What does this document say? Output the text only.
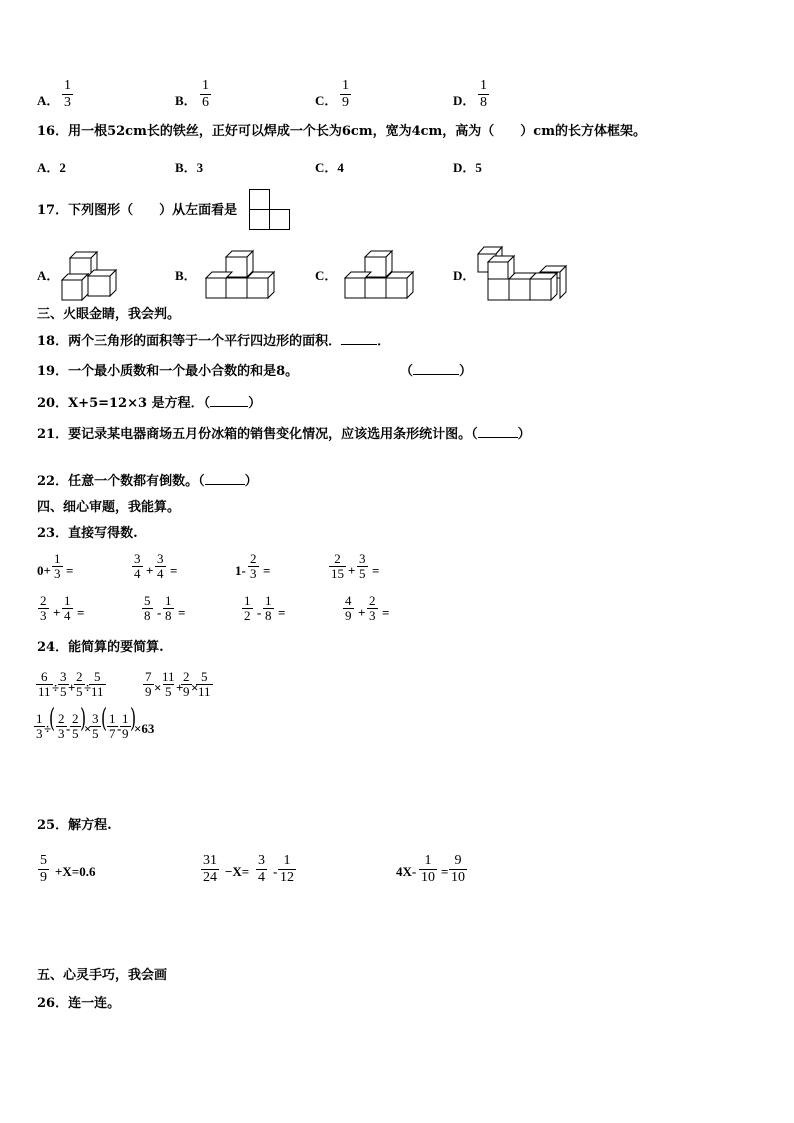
A． $\frac{1}{3}$	B． $\frac{1}{6}$	C． $\frac{1}{9}$	D． $\frac{1}{8}$
16．用一根52cm长的铁丝，正好可以焊成一个长为6cm，宽为4cm，高为（　　）cm的长方体框架。
A．2	B．3	C．4	D．5
17．下列图形（　　）从左面看是
A．	B．	C．	D．
三、火眼金睛，我会判。
18．两个三角形的面积等于一个平行四边形的面积．	．
19．一个最小质数和一个最小合数的和是8。	（	）
20．X+5=12×3 是方程．（	）
21．要记录某电器商场五月份冰箱的销售变化情况，应该选用条形统计图。（	）
22．任意一个数都有倒数。（	）
四、细心审题，我能算。
23．直接写得数.
$0+ \frac{1}{3}$ =	$\frac{3}{4} + \frac{3}{4}$ =	$1- \frac{2}{3}$ =	$\frac{2}{15} + \frac{3}{5}$ =
$\frac{2}{3} + \frac{1}{4}$ =	$\frac{5}{8} - \frac{1}{8}$ =	$\frac{1}{2} - \frac{1}{8}$ =	$\frac{4}{9} + \frac{2}{3}$ =
24．能简算的要简算.
$\frac{6}{11}$ ÷
$\frac{3}{5}$ +
$\frac{2}{5}$ ÷
$\frac{5}{11}$	$\frac{7}{9}$ ×
$\frac{11}{5}$ +
$\frac{2}{9}$ ×
$\frac{5}{11}$
$\frac{1}{3}$ ÷
( $\frac{2}{3} - \frac{2}{5}$ )
×
$\frac{3}{5}$ ( $\frac{1}{7}$ -
$\frac{1}{9}$ )
×63
25．解方程.
$\frac{5}{9} +X=0.6$	$\frac{31}{24} -X= \frac{3}{4} - \frac{1}{12}$	$4X- \frac{1}{10} = \frac{9}{10}$
五、心灵手巧，我会画
26．连一连。
